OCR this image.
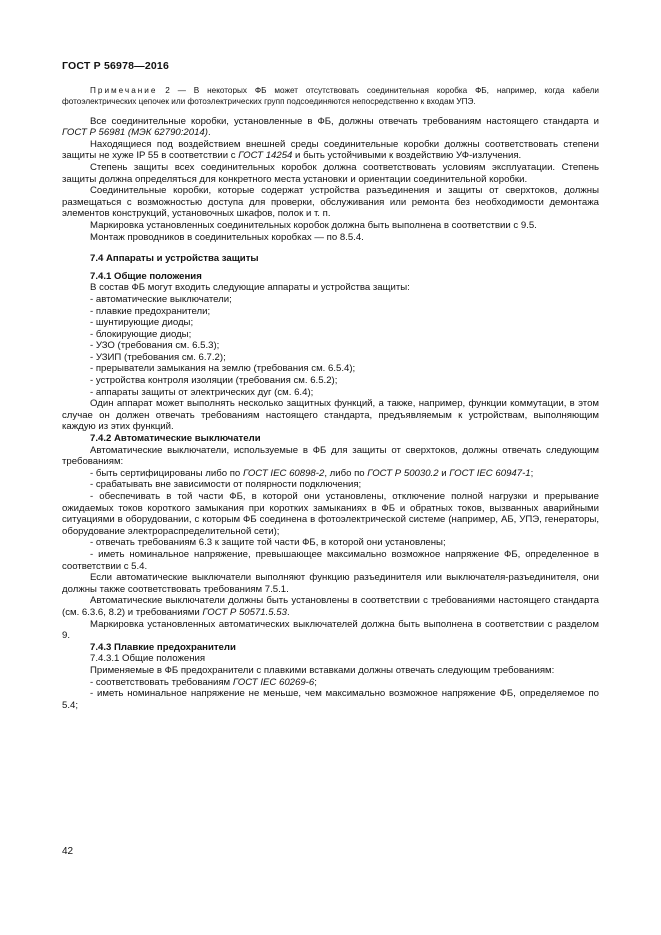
ГОСТ Р 56978—2016

Примечание 2 — В некоторых ФБ может отсутствовать соединительная коробка ФБ, например, когда кабели фотоэлектрических цепочек или фотоэлектрических групп подсоединяются непосредственно к входам УПЭ.

Все соединительные коробки, установленные в ФБ, должны отвечать требованиям настоящего стандарта и ГОСТ Р 56981 (МЭК 62790:2014).

Находящиеся под воздействием внешней среды соединительные коробки должны соответствовать степени защиты не хуже IP 55 в соответствии с ГОСТ 14254 и быть устойчивыми к воздействию УФ-излучения.

Степень защиты всех соединительных коробок должна соответствовать условиям эксплуатации. Степень защиты должна определяться для конкретного места установки и ориентации соединительной коробки.

Соединительные коробки, которые содержат устройства разъединения и защиты от сверхтоков, должны размещаться с возможностью доступа для проверки, обслуживания или ремонта без необходимости демонтажа элементов конструкций, установочных шкафов, полок и т. п.

Маркировка установленных соединительных коробок должна быть выполнена в соответствии с 9.5.

Монтаж проводников в соединительных коробках — по 8.5.4.

7.4 Аппараты и устройства защиты
7.4.1 Общие положения

В состав ФБ могут входить следующие аппараты и устройства защиты:

- автоматические выключатели;

- плавкие предохранители;

- шунтирующие диоды;

- блокирующие диоды;

- УЗО (требования см. 6.5.3);

- УЗИП (требования см. 6.7.2);

- прерыватели замыкания на землю (требования см. 6.5.4);

- устройства контроля изоляции (требования см. 6.5.2);

- аппараты защиты от электрических дуг (см. 6.4);

Один аппарат может выполнять несколько защитных функций, а также, например, функции коммутации, в этом случае он должен отвечать требованиям настоящего стандарта, предъявляемым к устройствам, выполняющим каждую из этих функций.

7.4.2 Автоматические выключатели

Автоматические выключатели, используемые в ФБ для защиты от сверхтоков, должны отвечать следующим требованиям:

- быть сертифицированы либо по ГОСТ IEC 60898-2, либо по ГОСТ Р 50030.2 и ГОСТ IEC 60947-1;

- срабатывать вне зависимости от полярности подключения;

- обеспечивать в той части ФБ, в которой они установлены, отключение полной нагрузки и прерывание ожидаемых токов короткого замыкания при коротких замыканиях в ФБ и обратных токов, вызванных аварийными ситуациями в оборудовании, с которым ФБ соединена в фотоэлектрической системе (например, АБ, УПЭ, генераторы, оборудование электрораспределительной сети);

- отвечать требованиям 6.3 к защите той части ФБ, в которой они установлены;

- иметь номинальное напряжение, превышающее максимально возможное напряжение ФБ, определенное в соответствии с 5.4.

Если автоматические выключатели выполняют функцию разъединителя или выключателя-разъединителя, они должны также соответствовать требованиям 7.5.1.

Автоматические выключатели должны быть установлены в соответствии с требованиями настоящего стандарта (см. 6.3.6, 8.2) и требованиями ГОСТ Р 50571.5.53.

Маркировка установленных автоматических выключателей должна быть выполнена в соответствии с разделом 9.

7.4.3 Плавкие предохранители

7.4.3.1 Общие положения

Применяемые в ФБ предохранители с плавкими вставками должны отвечать следующим требованиям:

- соответствовать требованиям ГОСТ IEC 60269-6;

- иметь номинальное напряжение не меньше, чем максимально возможное напряжение ФБ, определяемое по 5.4;

42
